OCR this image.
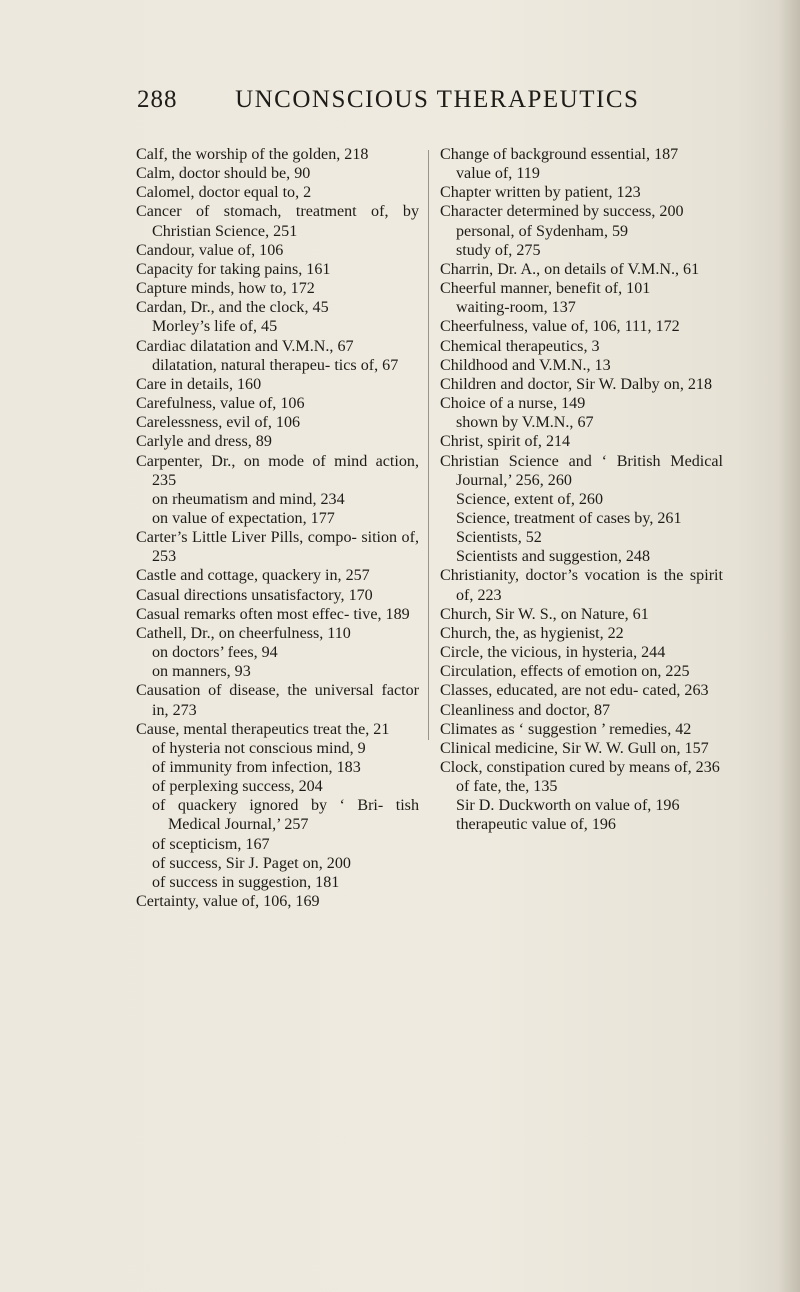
288	UNCONSCIOUS THERAPEUTICS

Calf, the worship of the golden, 218

Calm, doctor should be, 90

Calomel, doctor equal to, 2

Cancer of stomach, treatment of, by Christian Science, 251

Candour, value of, 106

Capacity for taking pains, 161

Capture minds, how to, 172

Cardan, Dr., and the clock, 45

Morley’s life of, 45

Cardiac dilatation and V.M.N., 67

dilatation, natural therapeu- tics of, 67

Care in details, 160

Carefulness, value of, 106

Carelessness, evil of, 106

Carlyle and dress, 89

Carpenter, Dr., on mode of mind action, 235

on rheumatism and mind, 234

on value of expectation, 177

Carter’s Little Liver Pills, compo- sition of, 253

Castle and cottage, quackery in, 257

Casual directions unsatisfactory, 170

Casual remarks often most effec- tive, 189

Cathell, Dr., on cheerfulness, 110

on doctors’ fees, 94

on manners, 93

Causation of disease, the universal factor in, 273

Cause, mental therapeutics treat the, 21

of hysteria not conscious mind, 9

of immunity from infection, 183

of perplexing success, 204

of quackery ignored by ‘ Bri- tish Medical Journal,’ 257

of scepticism, 167

of success, Sir J. Paget on, 200

of success in suggestion, 181

Certainty, value of, 106, 169

Change of background essential, 187

value of, 119

Chapter written by patient, 123

Character determined by success, 200

personal, of Sydenham, 59

study of, 275

Charrin, Dr. A., on details of V.M.N., 61

Cheerful manner, benefit of, 101

waiting-room, 137

Cheerfulness, value of, 106, 111, 172

Chemical therapeutics, 3

Childhood and V.M.N., 13

Children and doctor, Sir W. Dalby on, 218

Choice of a nurse, 149

shown by V.M.N., 67

Christ, spirit of, 214

Christian Science and ‘ British Medical Journal,’ 256, 260

Science, extent of, 260

Science, treatment of cases by, 261

Scientists, 52

Scientists and suggestion, 248

Christianity, doctor’s vocation is the spirit of, 223

Church, Sir W. S., on Nature, 61

Church, the, as hygienist, 22

Circle, the vicious, in hysteria, 244

Circulation, effects of emotion on, 225

Classes, educated, are not edu- cated, 263

Cleanliness and doctor, 87

Climates as ‘ suggestion ’ remedies, 42

Clinical medicine, Sir W. W. Gull on, 157

Clock, constipation cured by means of, 236

of fate, the, 135

Sir D. Duckworth on value of, 196

therapeutic value of, 196
